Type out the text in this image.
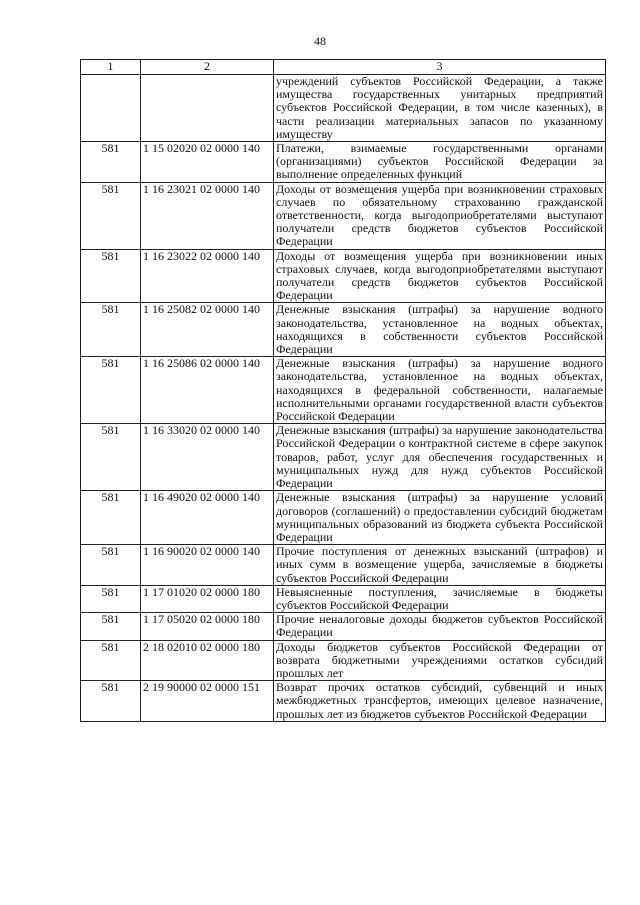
48
1	2	3
		учреждений субъектов Российской Федерации, а также имущества государственных унитарных предприятий субъектов Российской Федерации, в том числе казенных), в части реализации материальных запасов по указанному имуществу
581	1 15 02020 02 0000 140	Платежи, взимаемые государственными органами (организациями) субъектов Российской Федерации за выполнение определенных функций
581	1 16 23021 02 0000 140	Доходы от возмещения ущерба при возникновении страховых случаев по обязательному страхованию гражданской ответственности, когда выгодоприобретателями выступают получатели средств бюджетов субъектов Российской Федерации
581	1 16 23022 02 0000 140	Доходы от возмещения ущерба при возникновении иных страховых случаев, когда выгодоприобретателями выступают получатели средств бюджетов субъектов Российской Федерации
581	1 16 25082 02 0000 140	Денежные взыскания (штрафы) за нарушение водного законодательства, установленное на водных объектах, находящихся в собственности субъектов Российской Федерации
581	1 16 25086 02 0000 140	Денежные взыскания (штрафы) за нарушение водного законодательства, установленное на водных объектах, находящихся в федеральной собственности, налагаемые исполнительными органами государственной власти субъектов Российской Федерации
581	1 16 33020 02 0000 140	Денежные взыскания (штрафы) за нарушение законодательства Российской Федерации о контрактной системе в сфере закупок товаров, работ, услуг для обеспечения государственных и муниципальных нужд для нужд субъектов Российской Федерации
581	1 16 49020 02 0000 140	Денежные взыскания (штрафы) за нарушение условий договоров (соглашений) о предоставлении субсидий бюджетам муниципальных образований из бюджета субъекта Российской Федерации
581	1 16 90020 02 0000 140	Прочие поступления от денежных взысканий (штрафов) и иных сумм в возмещение ущерба, зачисляемые в бюджеты субъектов Российской Федерации
581	1 17 01020 02 0000 180	Невыясненные поступления, зачисляемые в бюджеты субъектов Российской Федерации
581	1 17 05020 02 0000 180	Прочие неналоговые доходы бюджетов субъектов Российской Федерации
581	2 18 02010 02 0000 180	Доходы бюджетов субъектов Российской Федерации от возврата бюджетными учреждениями остатков субсидий прошлых лет
581	2 19 90000 02 0000 151	Возврат прочих остатков субсидий, субвенций и иных межбюджетных трансфертов, имеющих целевое назначение, прошлых лет из бюджетов субъектов Российской Федерации
